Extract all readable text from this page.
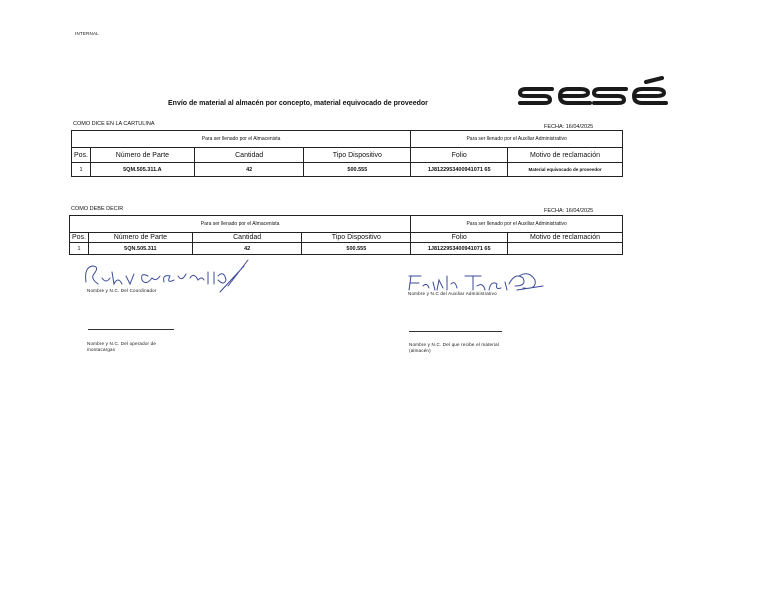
INTERNAL
Envío de material al almacén por concepto, material equivocado de proveedor
COMO DICE EN LA CARTULINA	FECHA: 16/04/2025
Para ser llenado por el Almacenista				Para ser llenado por el Auxiliar Administrativo	
Pos.	Número de Parte	Cantidad	Tipo Dispositivo	Folio	Motivo de reclamación
1	5QM.505.311.A	42	500.555	1J8122953400941071 65	Material equivocado de proveedor
COMO DEBE DECIR	FECHA: 16/04/2025
Para ser llenado por el Almacenista				Para ser llenado por el Auxiliar Administrativo	
Pos.	Número de Parte	Cantidad	Tipo Dispositivo	Folio	Motivo de reclamación
1	5QN.505.311	42	500.555	1J8122953400941071 65	
Nombre y N.C. Del Coordinador
Nombre y N.C del Auxiliar Administrativo
Nombre y N.C. Del operador de montacargas
Nombre y N.C. Del que recibe el material (almacén)
